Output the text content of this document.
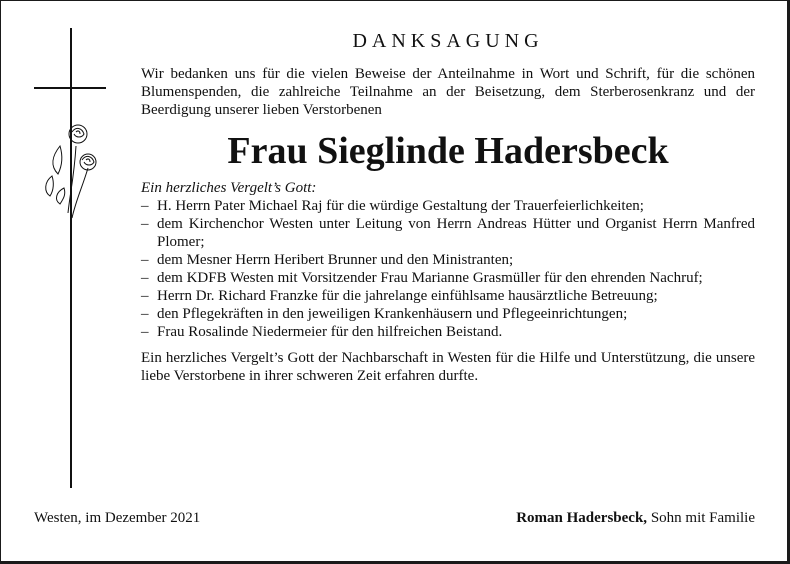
DANKSAGUNG

Wir bedanken uns für die vielen Beweise der Anteilnahme in Wort und Schrift, für die schönen Blumenspenden, die zahlreiche Teilnahme an der Beisetzung, dem Sterberosenkranz und der Beerdigung unserer lieben Verstorbenen

Frau Sieglinde Hadersbeck

Ein herzliches Vergelt’s Gott:

– H. Herrn Pater Michael Raj für die würdige Gestaltung der Trauerfeierlichkeiten;
– dem Kirchenchor Westen unter Leitung von Herrn Andreas Hütter und Organist Herrn Manfred Plomer;
– dem Mesner Herrn Heribert Brunner und den Ministranten;
– dem KDFB Westen mit Vorsitzender Frau Marianne Grasmüller für den ehrenden Nachruf;
– Herrn Dr. Richard Franzke für die jahrelange einfühlsame hausärztliche Betreuung;
– den Pflegekräften in den jeweiligen Krankenhäusern und Pflegeeinrichtungen;
– Frau Rosalinde Niedermeier für den hilfreichen Beistand.

Ein herzliches Vergelt’s Gott der Nachbarschaft in Westen für die Hilfe und Unterstützung, die unsere liebe Verstorbene in ihrer schweren Zeit erfahren durfte.

Westen, im Dezember 2021	Roman Hadersbeck, Sohn mit Familie
